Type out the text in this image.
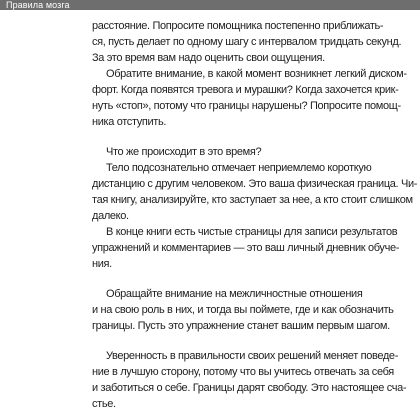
Правила мозга
расстояние. Попросите помощника постепенно приближать-
ся, пусть делает по одному шагу с интервалом тридцать секунд.
За это время вам надо оценить свои ощущения.
Обратите внимание, в какой момент возникнет легкий диском-
форт. Когда появятся тревога и мурашки? Когда захочется крик-
нуть «стоп», потому что границы нарушены? Попросите помощ-
ника отступить.
Что же происходит в это время?
Тело подсознательно отмечает неприемлемо короткую
дистанцию с другим человеком. Это ваша физическая граница. Чи-
тая книгу, анализируйте, кто заступает за нее, а кто стоит слишком
далеко.
В конце книги есть чистые страницы для записи результатов
упражнений и комментариев — это ваш личный дневник обуче-
ния.
Обращайте внимание на межличностные отношения
и на свою роль в них, и тогда вы поймете, где и как обозначить
границы. Пусть это упражнение станет вашим первым шагом.
Уверенность в правильности своих решений меняет поведе-
ние в лучшую сторону, потому что вы учитесь отвечать за себя
и заботиться о себе. Границы дарят свободу. Это настоящее сча-
стье.
